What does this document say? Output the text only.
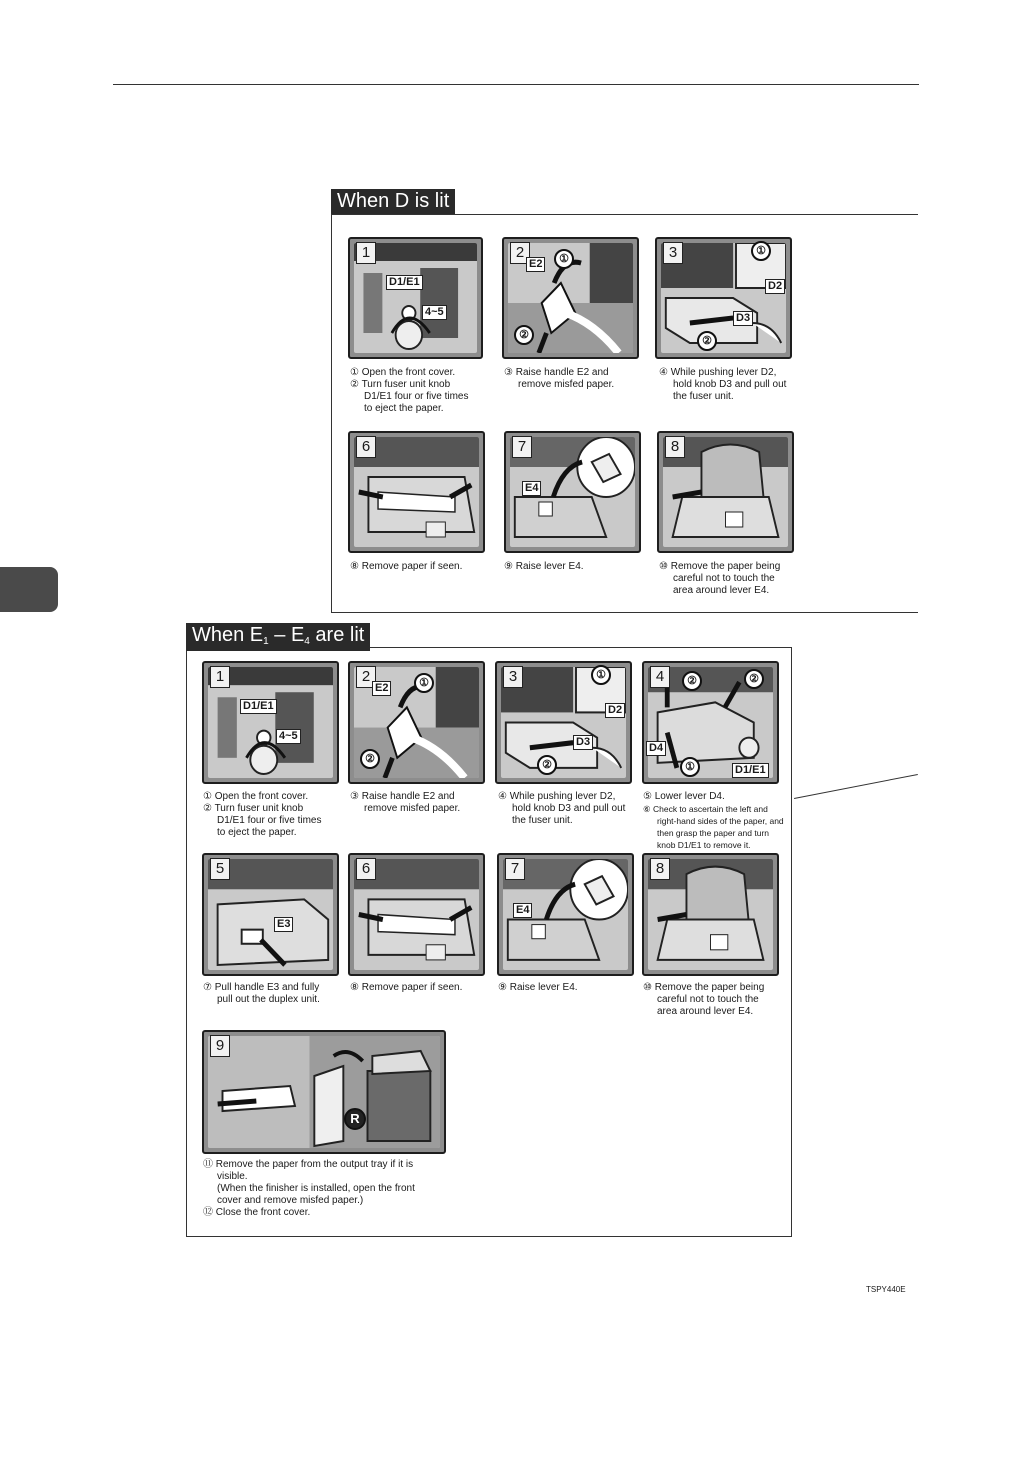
When D is lit
1
D1/E1
4~5
2
E2	①
②
3
D2
D3
①
②
① Open the front cover.
② Turn fuser unit knob
D1/E1 four or five times
to eject the paper.
③ Raise handle E2 and
remove misfed paper.
④ While pushing lever D2,
hold knob D3 and pull out
the fuser unit.
6	7
E4
8
⑧ Remove paper if seen.	⑨ Raise lever E4.	⑩ Remove the paper being
careful not to touch the
area around lever E4.
When $E_1 - E_4$ are lit
1
D1/E1
4~5
2
E2	①
②
3
D2
D3
①
②
4
D4
D1/E1
②	②
①
① Open the front cover.
② Turn fuser unit knob
D1/E1 four or five times
to eject the paper.
③ Raise handle E2 and
remove misfed paper.
④ While pushing lever D2,
hold knob D3 and pull out
the fuser unit.
⑤ Lower lever D4.
⑥ Check to ascertain the left and
right-hand sides of the paper, and
then grasp the paper and turn
knob D1/E1 to remove it.
5
E3
6	7
E4
8
⑦ Pull handle E3 and fully
pull out the duplex unit.
⑧ Remove paper if seen.	⑨ Raise lever E4.	⑩ Remove the paper being
careful not to touch the
area around lever E4.
9
R
⑪ Remove the paper from the output tray if it is
visible.
(When the finisher is installed, open the front
cover and remove misfed paper.)
⑫ Close the front cover.
TSPY440E
